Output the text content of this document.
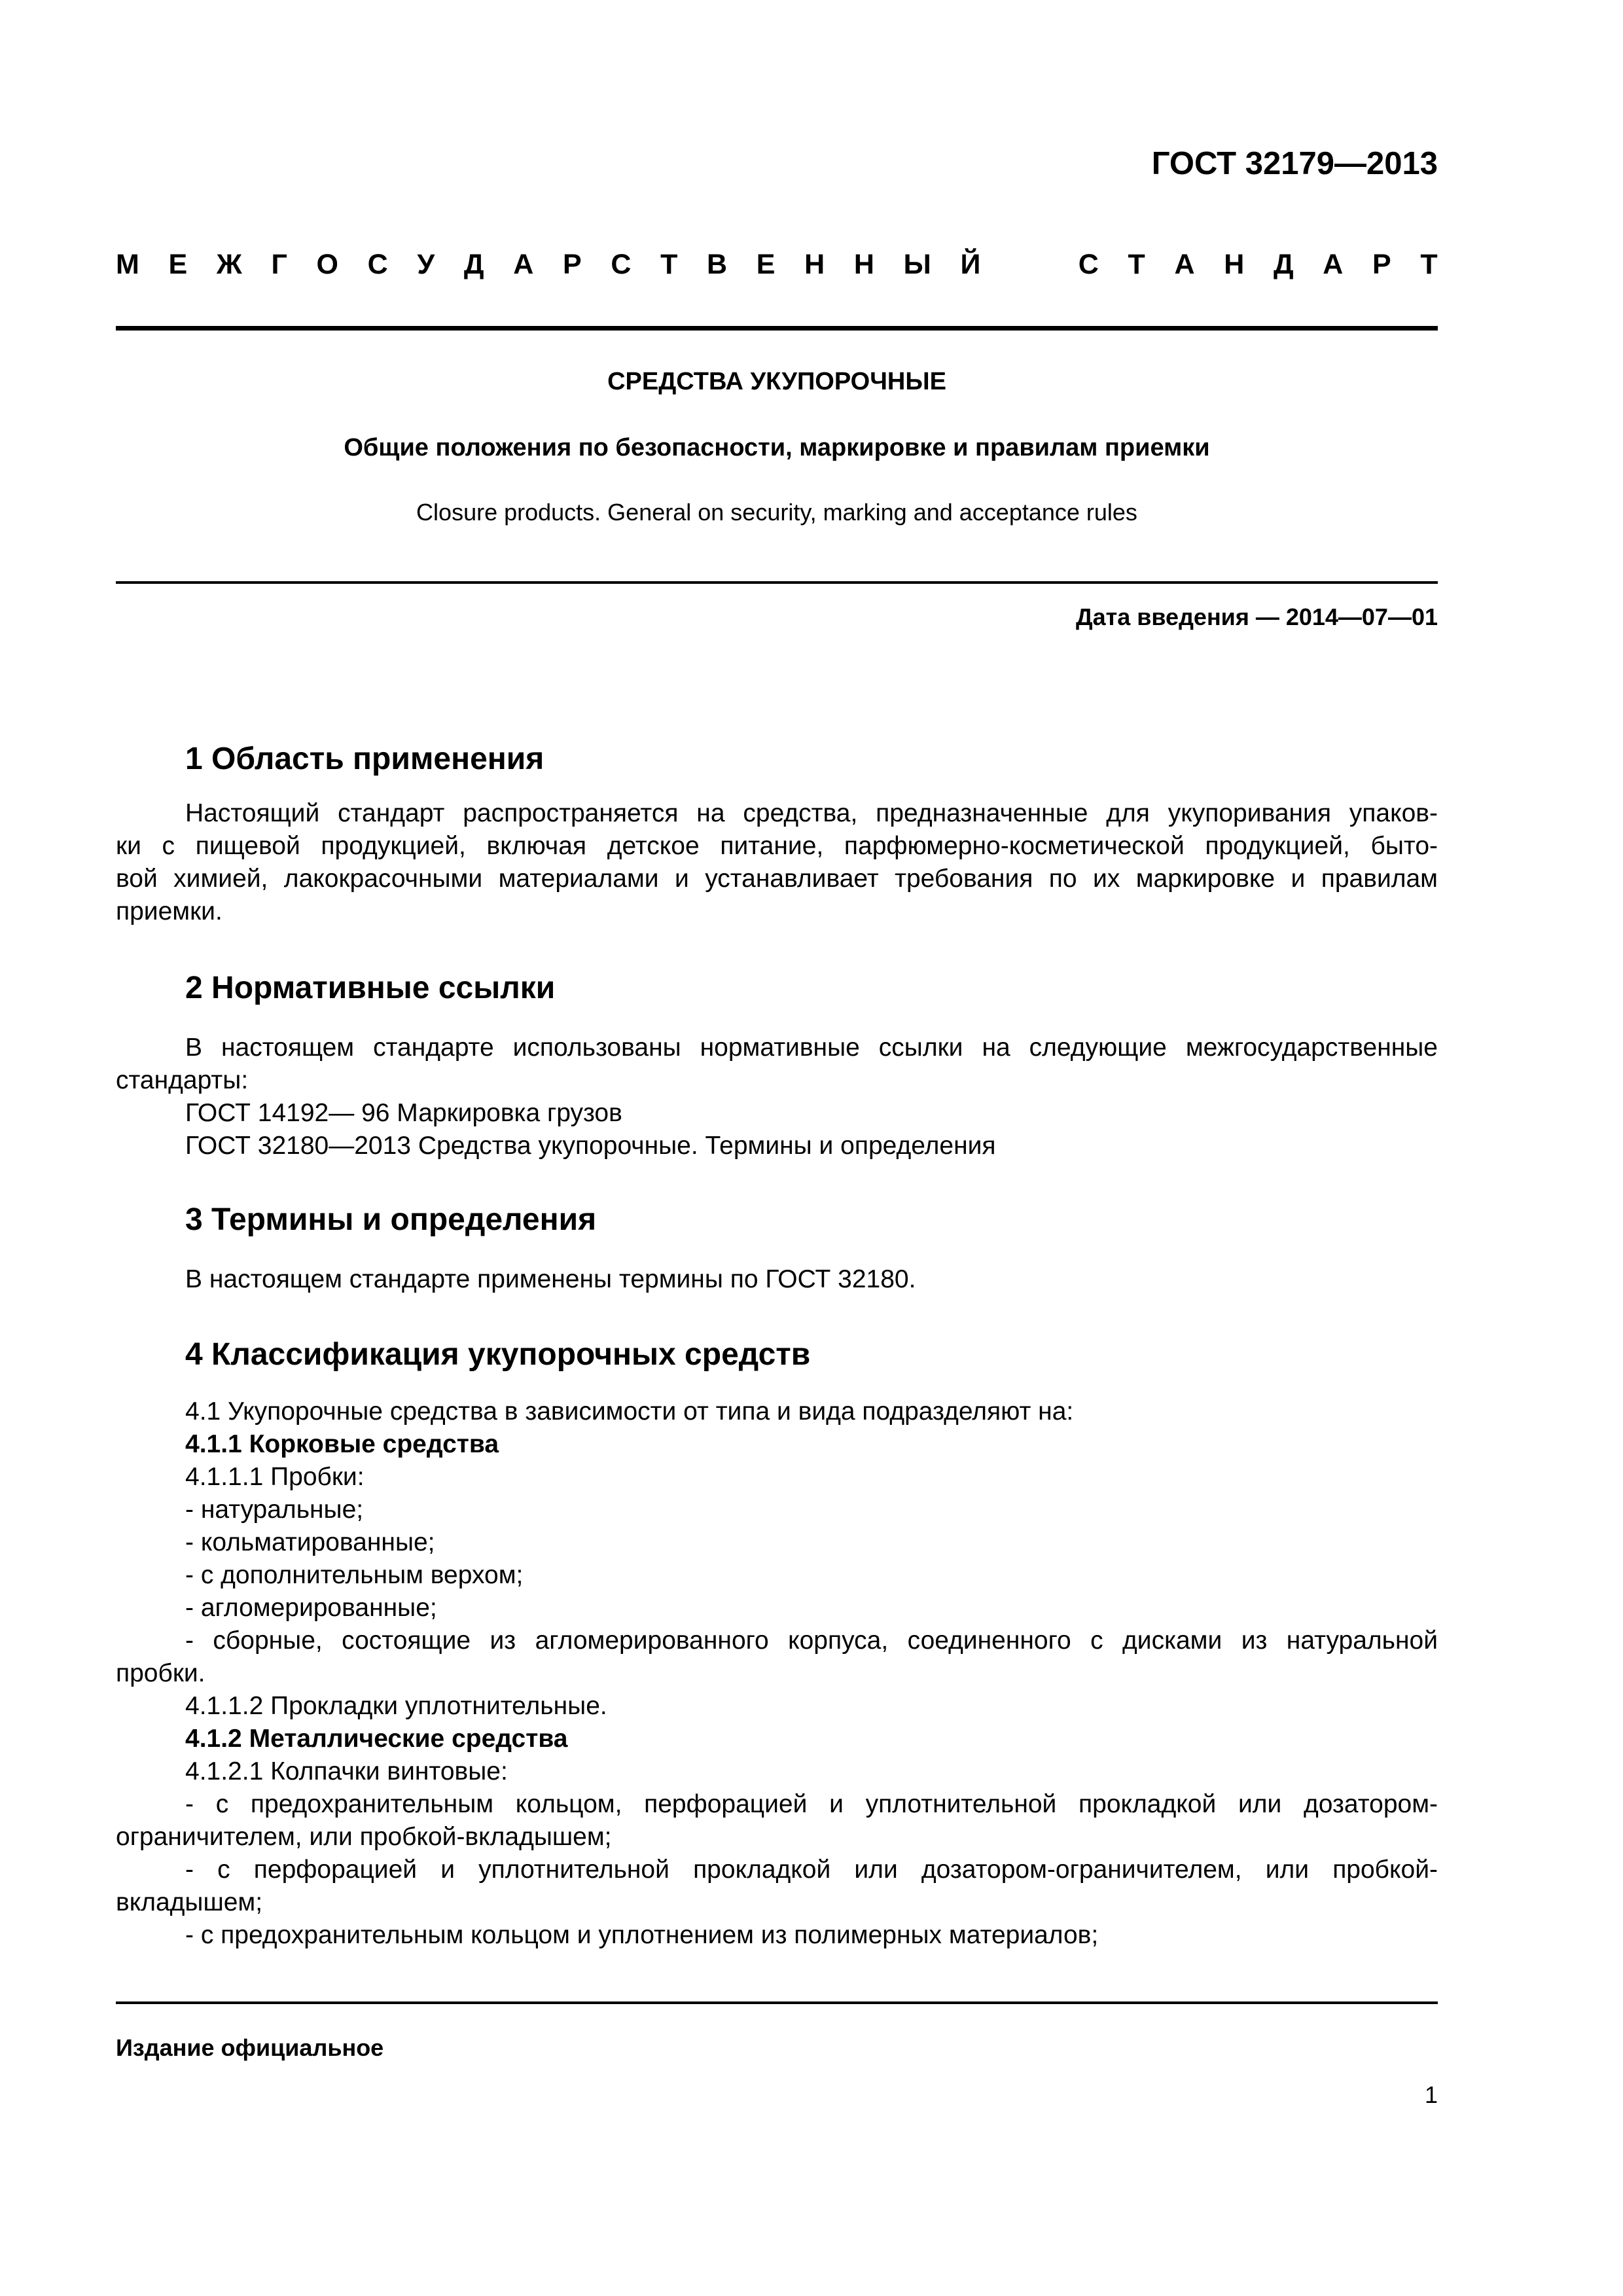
ГОСТ 32179—2013
М Е Ж Г О С У Д А Р С Т В Е Н Н Ы Й	С Т А Н Д А Р Т
СРЕДСТВА УКУПОРОЧНЫЕ
Общие положения по безопасности, маркировке и правилам приемки
Closure products. General on security, marking and acceptance rules
Дата введения — 2014—07—01
1 Область применения
Настоящий стандарт распространяется на средства, предназначенные для укупоривания упаков-
ки с пищевой продукцией, включая детское питание, парфюмерно-косметической продукцией, быто-
вой химией, лакокрасочными материалами и устанавливает требования по их маркировке и правилам
приемки.
2 Нормативные ссылки
В настоящем стандарте использованы нормативные ссылки на следующие межгосударственные
стандарты:
ГОСТ 14192— 96 Маркировка грузов
ГОСТ 32180—2013 Средства укупорочные. Термины и определения
3 Термины и определения
В настоящем стандарте применены термины по ГОСТ 32180.
4 Классификация укупорочных средств
4.1 Укупорочные средства в зависимости от типа и вида подразделяют на:
4.1.1 Корковые средства
4.1.1.1 Пробки:
- натуральные;
- кольматированные;
- с дополнительным верхом;
- агломерированные;
- сборные, состоящие из агломерированного корпуса, соединенного с дисками из натуральной
пробки.
4.1.1.2 Прокладки уплотнительные.
4.1.2 Металлические средства
4.1.2.1 Колпачки винтовые:
- с предохранительным кольцом, перфорацией и уплотнительной прокладкой или дозатором-
ограничителем, или пробкой-вкладышем;
- с перфорацией и уплотнительной прокладкой или дозатором-ограничителем, или пробкой-
вкладышем;
- с предохранительным кольцом и уплотнением из полимерных материалов;
Издание официальное
1
